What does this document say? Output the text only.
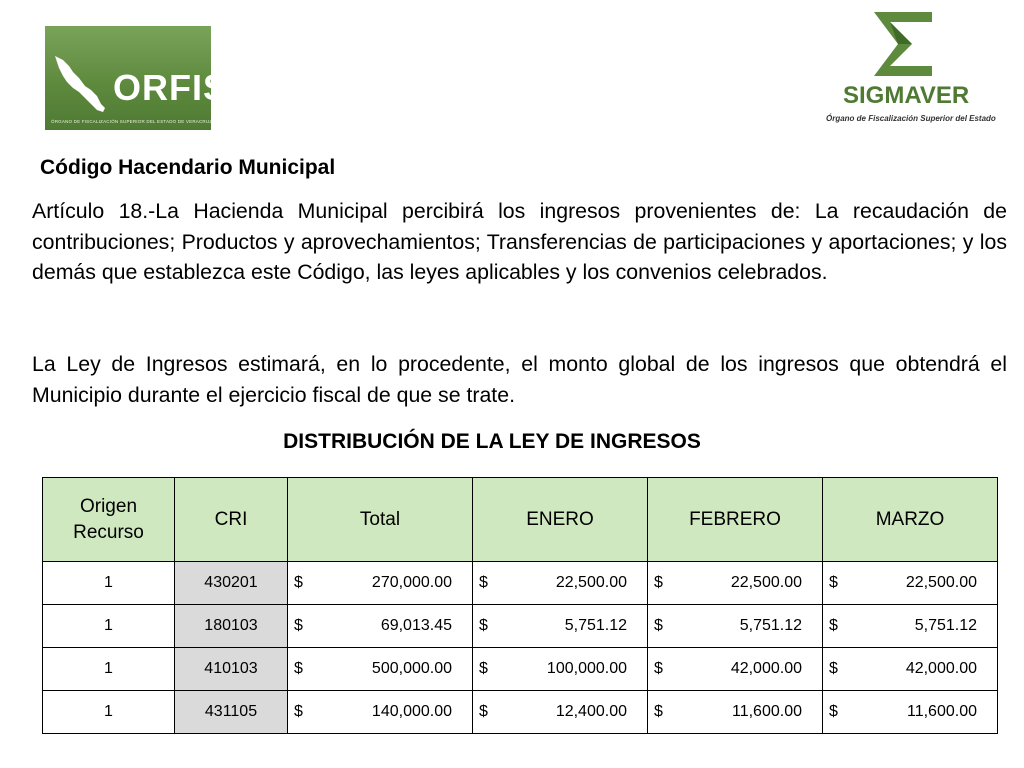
ORFIS
ÓRGANO DE FISCALIZACIÓN SUPERIOR DEL ESTADO DE VERACRUZ
SIGMAVER
Órgano de Fiscalización Superior del Estado
Código Hacendario Municipal

Artículo 18.-La Hacienda Municipal percibirá los ingresos provenientes de: La recaudación de contribuciones; Productos y aprovechamientos; Transferencias de participaciones y aportaciones; y los demás que establezca este Código, las leyes aplicables y los convenios celebrados.

La Ley de Ingresos estimará, en lo procedente, el monto global de los ingresos que obtendrá el Municipio durante el ejercicio fiscal de que se trate.

DISTRIBUCIÓN DE LA LEY DE INGRESOS
Origen Recurso	CRI	Total	ENERO	FEBRERO	MARZO
1	430201	$ 270,000.00	$ 22,500.00	$ 22,500.00	$ 22,500.00

1	180103	$ 69,013.45	$ 5,751.12	$ 5,751.12	$ 5,751.12

1	410103	$ 500,000.00	$ 100,000.00	$ 42,000.00	$ 42,000.00

1	431105	$ 140,000.00	$ 12,400.00	$ 11,600.00	$ 11,600.00
